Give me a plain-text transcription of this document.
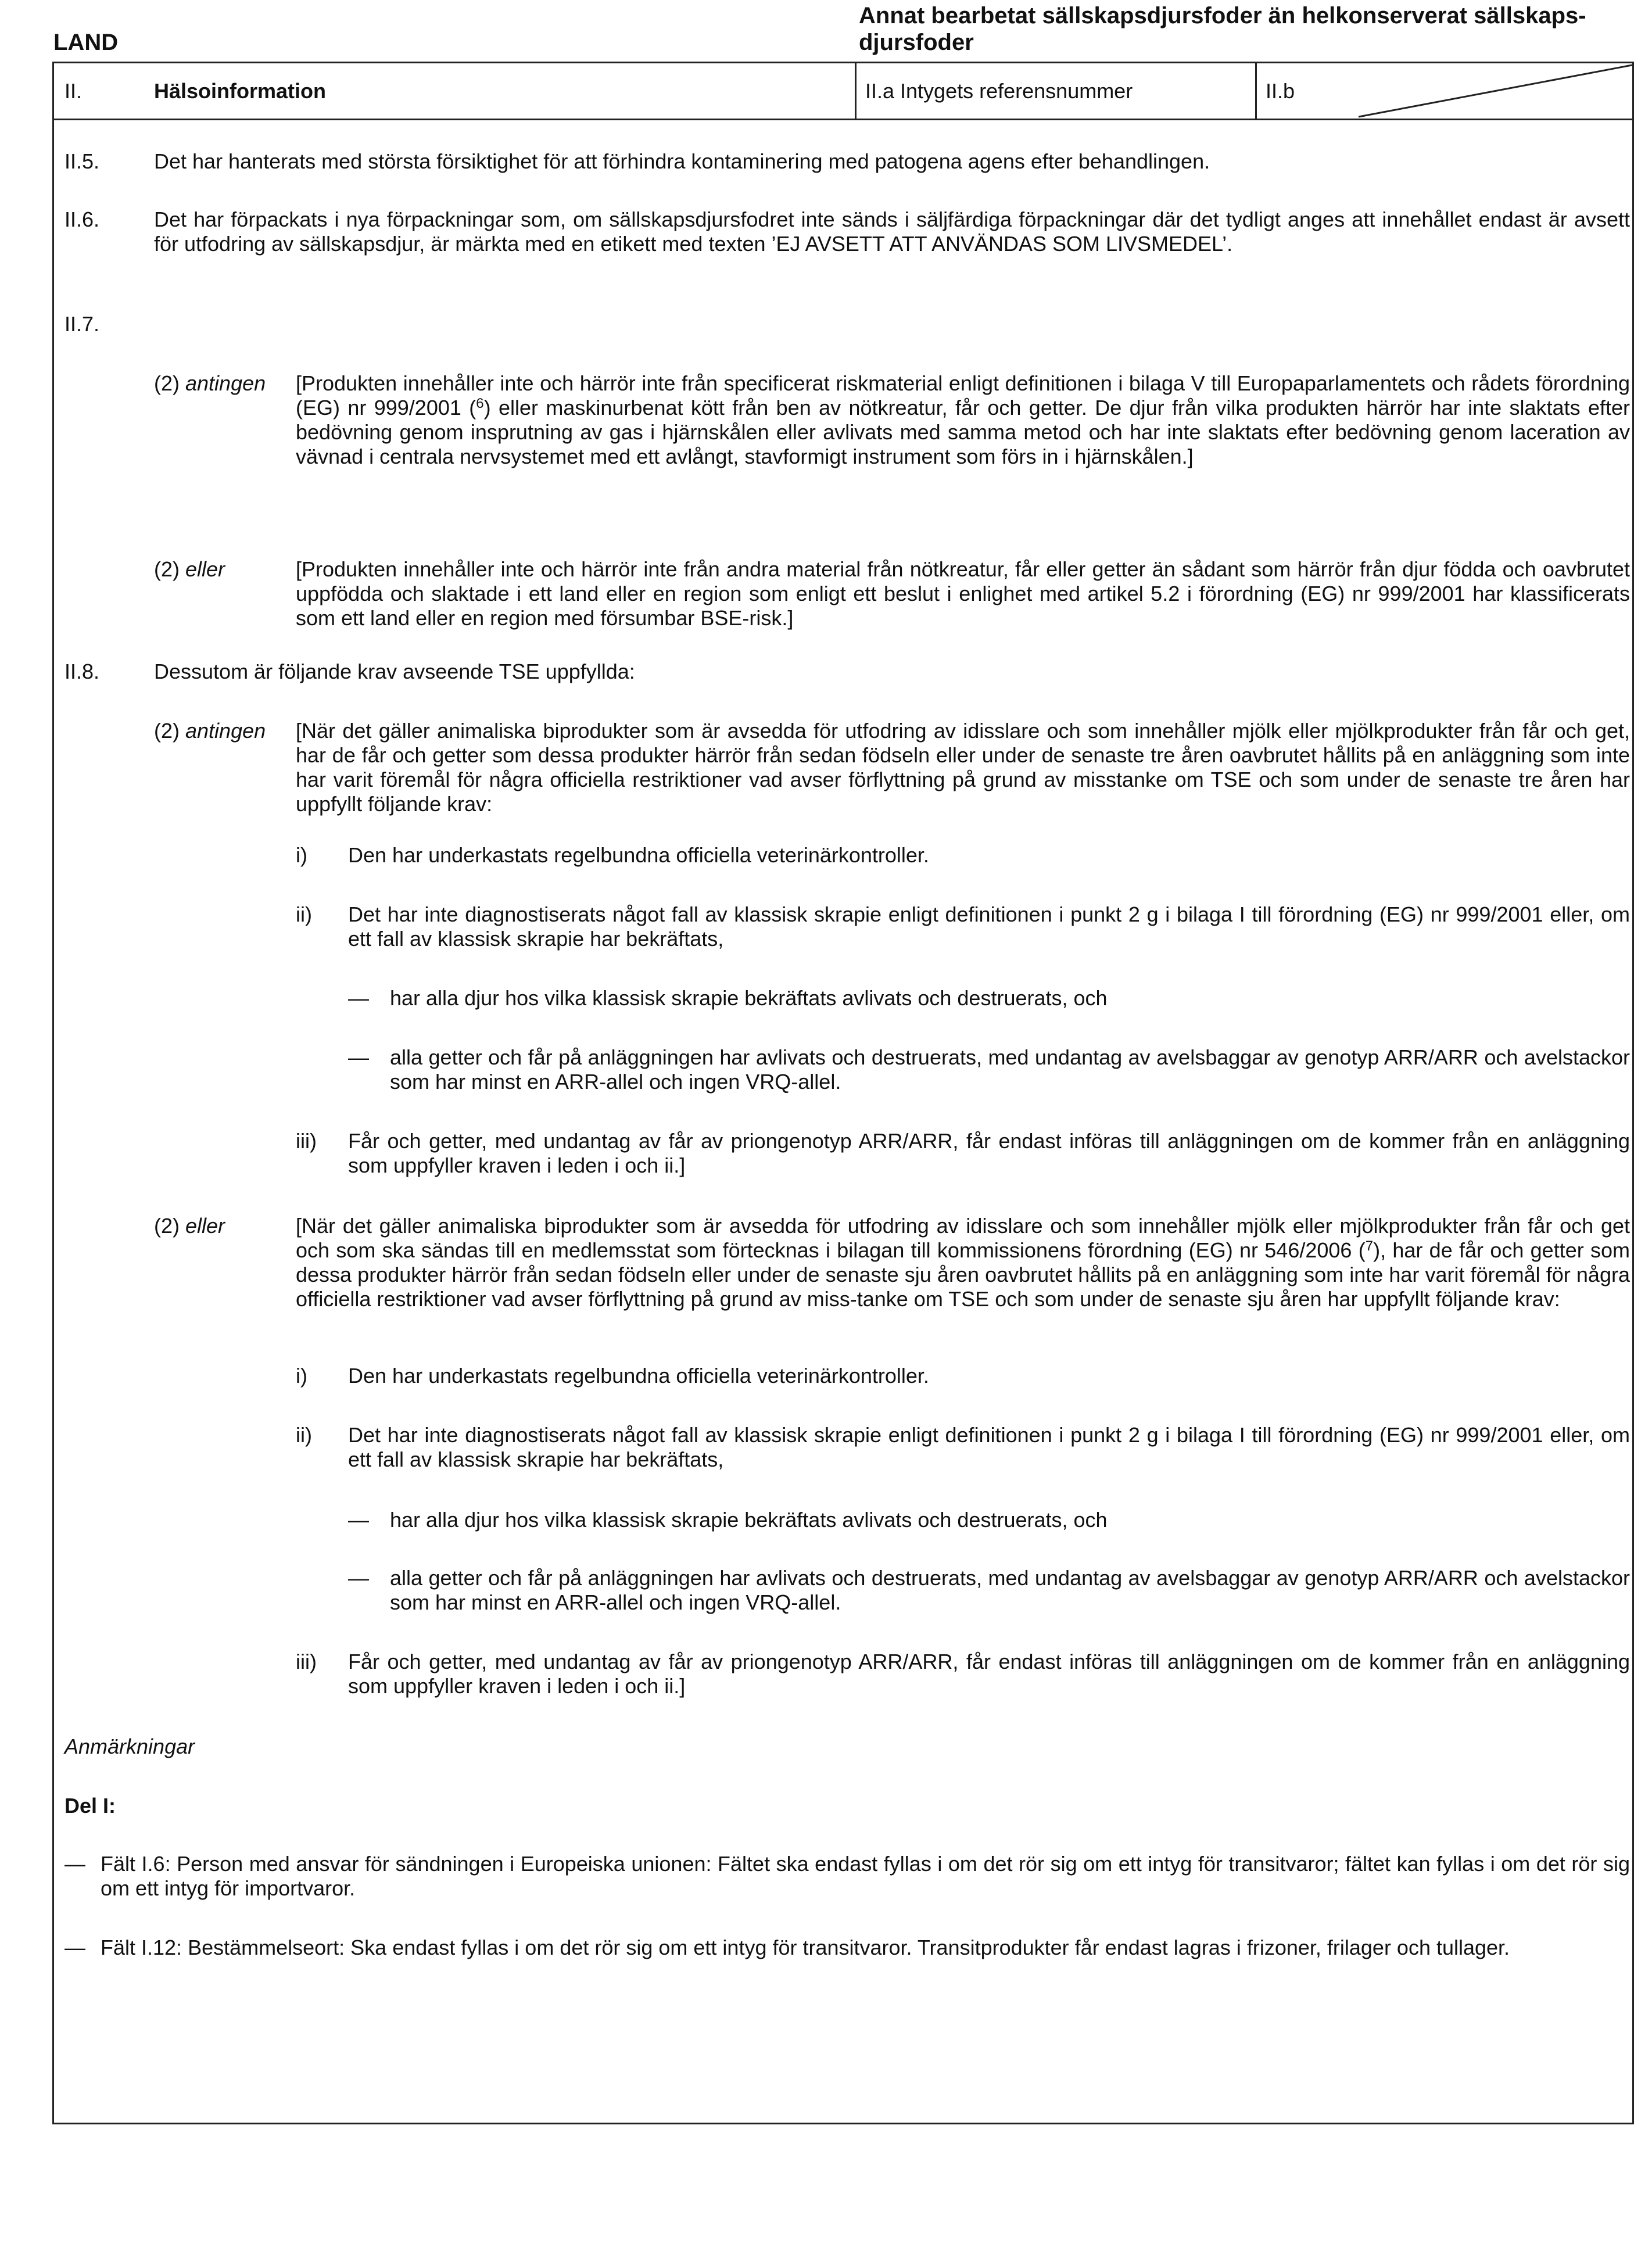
LAND
Annat bearbetat sällskapsdjursfoder än helkonserverat sällskaps-djursfoder
II.	Hälsoinformation	II.a Intygets referensnummer	II.b
II.5.	Det har hanterats med största försiktighet för att förhindra kontaminering med patogena agens efter behandlingen.
II.6.	Det har förpackats i nya förpackningar som, om sällskapsdjursfodret inte sänds i säljfärdiga förpackningar där det tydligt anges att innehållet endast är avsett för utfodring av sällskapsdjur, är märkta med en etikett med texten ’EJ AVSETT ATT ANVÄNDAS SOM LIVSMEDEL’.
II.7.
(2) antingen [Produkten innehåller inte och härrör inte från specificerat riskmaterial enligt definitionen i bilaga V till Europaparlamentets och rådets förordning (EG) nr 999/2001 ($^6$) eller maskinurbenat kött från ben av nötkreatur, får och getter. De djur från vilka produkten härrör har inte slaktats efter bedövning genom insprutning av gas i hjärnskålen eller avlivats med samma metod och har inte slaktats efter bedövning genom laceration av vävnad i centrala nervsystemet med ett avlångt, stavformigt instrument som förs in i hjärnskålen.]
(2) eller	[Produkten innehåller inte och härrör inte från andra material från nötkreatur, får eller getter än sådant som härrör från djur födda och oavbrutet uppfödda och slaktade i ett land eller en region som enligt ett beslut i enlighet med artikel 5.2 i förordning (EG) nr 999/2001 har klassificerats som ett land eller en region med försumbar BSE-risk.]
II.8.	Dessutom är följande krav avseende TSE uppfyllda:
(2) antingen [När det gäller animaliska biprodukter som är avsedda för utfodring av idisslare och som innehåller mjölk eller mjölkprodukter från får och get, har de får och getter som dessa produkter härrör från sedan födseln eller under de senaste tre åren oavbrutet hållits på en anläggning som inte har varit föremål för några officiella restriktioner vad avser förflyttning på grund av misstanke om TSE och som under de senaste tre åren har uppfyllt följande krav:
i) Den har underkastats regelbundna officiella veterinärkontroller.
ii) Det har inte diagnostiserats något fall av klassisk skrapie enligt definitionen i punkt 2 g i bilaga I till förordning (EG) nr 999/2001 eller, om ett fall av klassisk skrapie har bekräftats,
— har alla djur hos vilka klassisk skrapie bekräftats avlivats och destruerats, och
— alla getter och får på anläggningen har avlivats och destruerats, med undantag av avelsbaggar av genotyp ARR/ARR och avelstackor som har minst en ARR-allel och ingen VRQ-allel.
iii) Får och getter, med undantag av får av priongenotyp ARR/ARR, får endast införas till anläggningen om de kommer från en anläggning som uppfyller kraven i leden i och ii.]
(2) eller	[När det gäller animaliska biprodukter som är avsedda för utfodring av idisslare och som innehåller mjölk eller mjölkprodukter från får och get och som ska sändas till en medlemsstat som förtecknas i bilagan till kommissionens förordning (EG) nr 546/2006 ($^7$), har de får och getter som dessa produkter härrör från sedan födseln eller under de senaste sju åren oavbrutet hållits på en anläggning som inte har varit föremål för några officiella restriktioner vad avser förflyttning på grund av miss-tanke om TSE och som under de senaste sju åren har uppfyllt följande krav:
i) Den har underkastats regelbundna officiella veterinärkontroller.
ii) Det har inte diagnostiserats något fall av klassisk skrapie enligt definitionen i punkt 2 g i bilaga I till förordning (EG) nr 999/2001 eller, om ett fall av klassisk skrapie har bekräftats,
— har alla djur hos vilka klassisk skrapie bekräftats avlivats och destruerats, och
— alla getter och får på anläggningen har avlivats och destruerats, med undantag av avelsbaggar av genotyp ARR/ARR och avelstackor som har minst en ARR-allel och ingen VRQ-allel.
iii) Får och getter, med undantag av får av priongenotyp ARR/ARR, får endast införas till anläggningen om de kommer från en anläggning som uppfyller kraven i leden i och ii.]
Anmärkningar
Del I:
— Fält I.6: Person med ansvar för sändningen i Europeiska unionen: Fältet ska endast fyllas i om det rör sig om ett intyg för transitvaror; fältet kan fyllas i om det rör sig om ett intyg för importvaror.
— Fält I.12: Bestämmelseort: Ska endast fyllas i om det rör sig om ett intyg för transitvaror. Transitprodukter får endast lagras i frizoner, frilager och tullager.
